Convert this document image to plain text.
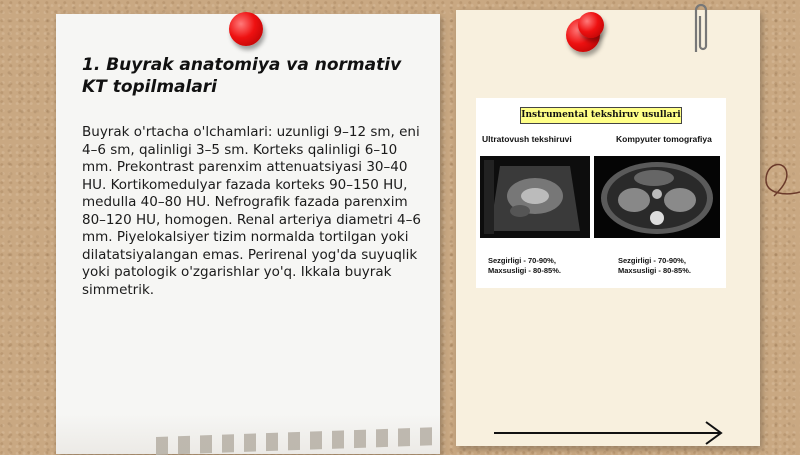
1. Buyrak anatomiya va normativ KT topilmalari

Buyrak o'rtacha o'lchamlari: uzunligi 9–12 sm, eni 4–6 sm, qalinligi 3–5 sm. Korteks qalinligi 6–10 mm. Prekontrast parenxim attenuatsiyasi 30–40 HU. Kortikomedulyar fazada korteks 90–150 HU, medulla 40–80 HU. Nefrografik fazada parenxim 80–120 HU, homogen. Renal arteriya diametri 4–6 mm. Piyelokalsiyer tizim normalda tortilgan yoki dilatatsiyalangan emas. Perirenal yog'da suyuqlik yoki patologik o'zgarishlar yo'q. Ikkala buyrak simmetrik.

Instrumental tekshiruv usullari
Ultratovush tekshiruvi	Kompyuter tomografiya
Sezgirligi - 70-90%,
Maxsusligi - 80-85%.
Sezgirligi - 70-90%,
Maxsusligi - 80-85%.
